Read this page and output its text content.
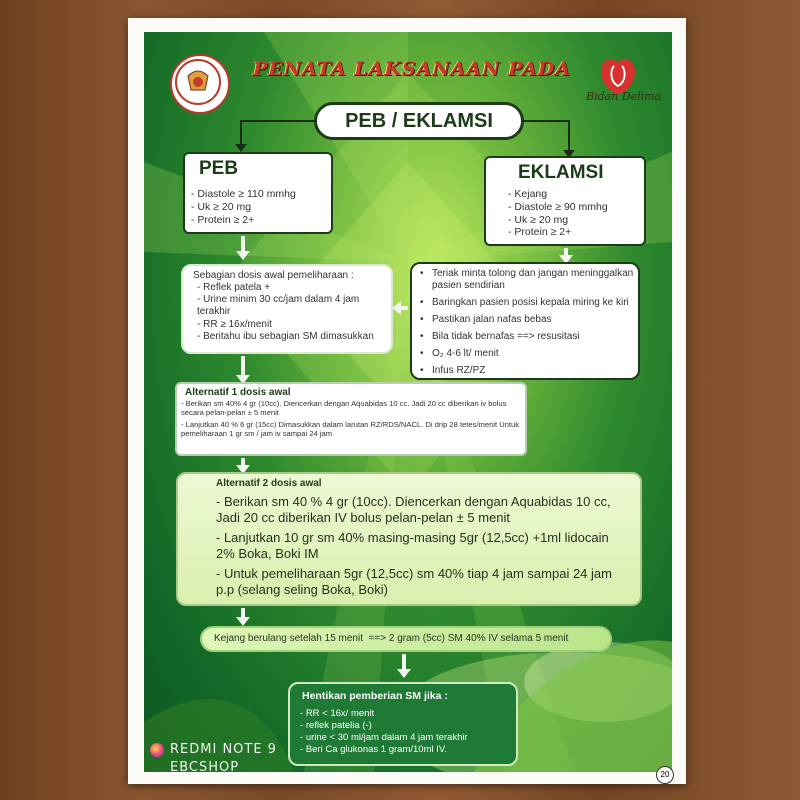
PENATA LAKSANAAN PADA
Bidan Delima
PEB / EKLAMSI
PEB
- Diastole ≥ 110 mmhg
- Uk ≥ 20 mg
- Protein ≥ 2+
EKLAMSI
- Kejang
- Diastole ≥ 90 mmhg
- Uk ≥ 20 mg
- Protein ≥ 2+
Sebagian dosis awal pemeliharaan :
- Reflek patela +
- Urine minim 30 cc/jam dalam 4 jam terakhir
- RR ≥ 16x/menit
- Beritahu ibu sebagian SM dimasukkan
• Teriak minta tolong dan jangan meninggalkan pasien sendirian
• Baringkan pasien posisi kepala miring ke kiri
• Pastikan jalan nafas bebas
• Bila tidak bernafas ==> resusitasi
• O₂ 4-6 lt/ menit
• Infus RZ/PZ
Alternatif 1 dosis awal
- Berikan sm 40% 4 gr (10cc). Diencerkan dengan Aquabidas 10 cc. Jadi 20 cc diberikan iv bolus secara pelan-pelan ± 5 menit
- Lanjutkan 40 % 6 gr (15cc) Dimasukkan dalam larutan RZ/RDS/NACL. Di drip 28 tetes/menit Untuk pemeliharaan 1 gr sm / jam iv sampai 24 jam
Alternatif 2 dosis awal
- Berikan sm 40 % 4 gr (10cc). Diencerkan dengan Aquabidas 10 cc, Jadi 20 cc diberikan IV bolus pelan-pelan ± 5 menit
- Lanjutkan 10 gr sm 40% masing-masing 5gr (12,5cc) +1ml lidocain 2% Boka, Boki IM
- Untuk pemeliharaan 5gr (12,5cc) sm 40% tiap 4 jam sampai 24 jam p.p (selang seling Boka, Boki)
Kejang berulang setelah 15 menit  ==> 2 gram (5cc) SM 40% IV selama 5 menit
Hentikan pemberian SM jika :
- RR < 16x/ menit
- reflek patelia (-)
- urine < 30 ml/jam dalam 4 jam terakhir
- Beri Ca glukonas 1 gram/10ml IV.
20
REDMI NOTE 9
EBCSHOP
